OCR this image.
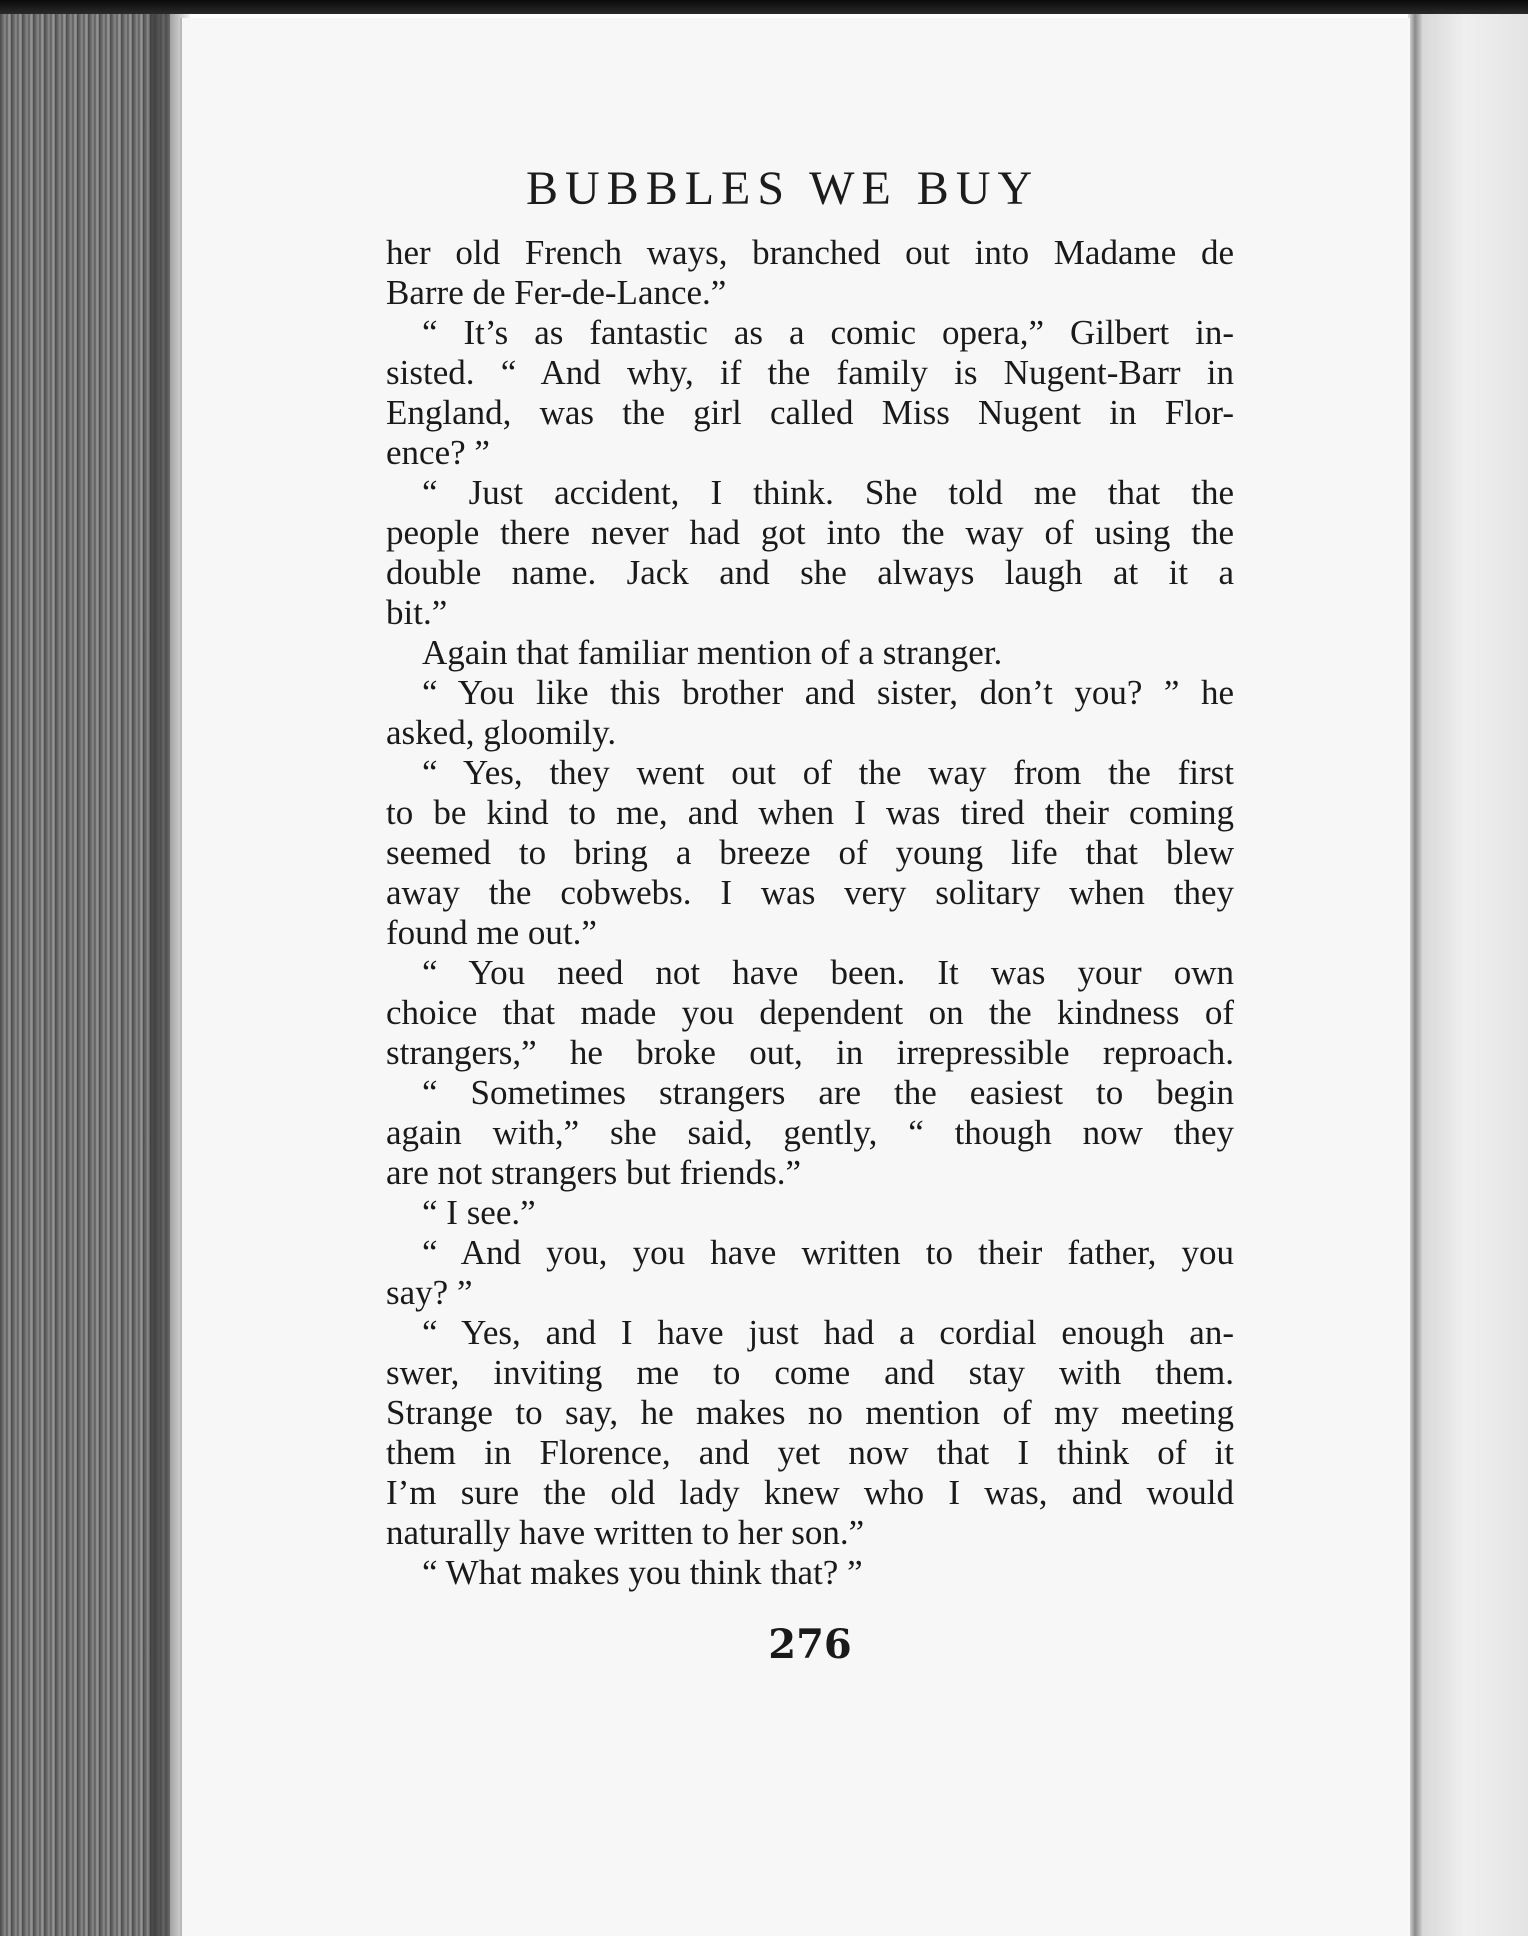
BUBBLES WE BUY
her old French ways, branched out into Madame de
Barre de Fer-de-Lance.”
“ It’s as fantastic as a comic opera,” Gilbert in-
sisted. “ And why, if the family is Nugent-Barr in
England, was the girl called Miss Nugent in Flor-
ence? ”
“ Just accident, I think. She told me that the
people there never had got into the way of using the
double name. Jack and she always laugh at it a
bit.”
Again that familiar mention of a stranger.
“ You like this brother and sister, don’t you? ” he
asked, gloomily.
“ Yes, they went out of the way from the first
to be kind to me, and when I was tired their coming
seemed to bring a breeze of young life that blew
away the cobwebs. I was very solitary when they
found me out.”
“ You need not have been. It was your own
choice that made you dependent on the kindness of
strangers,” he broke out, in irrepressible reproach.
“ Sometimes strangers are the easiest to begin
again with,” she said, gently, “ though now they
are not strangers but friends.”
“ I see.”
“ And you, you have written to their father, you
say? ”
“ Yes, and I have just had a cordial enough an-
swer, inviting me to come and stay with them.
Strange to say, he makes no mention of my meeting
them in Florence, and yet now that I think of it
I’m sure the old lady knew who I was, and would
naturally have written to her son.”
“ What makes you think that? ”
276
